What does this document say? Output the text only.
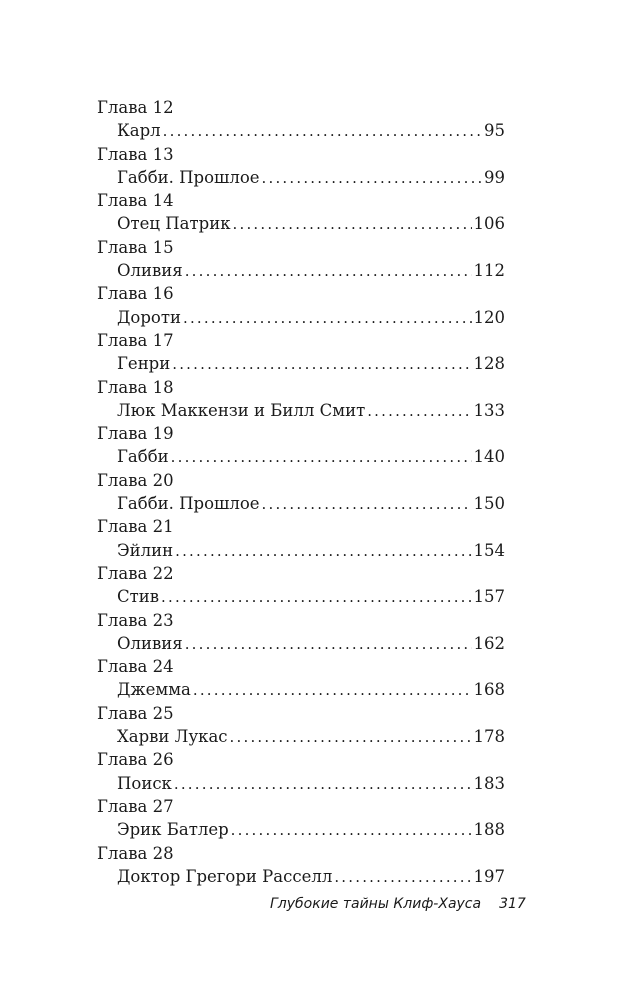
Глава 12
Карл .....	95
Глава 13
Габби. Прошлое .....	99
Глава 14
Отец Патрик .....	106
Глава 15
Оливия .....	112
Глава 16
Дороти .....	120
Глава 17
Генри .....	128
Глава 18
Люк Маккензи и Билл Смит .....	133
Глава 19
Габби .....	140
Глава 20
Габби. Прошлое .....	150
Глава 21
Эйлин .....	154
Глава 22
Стив .....	157
Глава 23
Оливия .....	162
Глава 24
Джемма .....	168
Глава 25
Харви Лукас .....	178
Глава 26
Поиск .....	183
Глава 27
Эрик Батлер .....	188
Глава 28
Доктор Грегори Расселл .....	197
Глубокие тайны Клиф-Хауса 317
